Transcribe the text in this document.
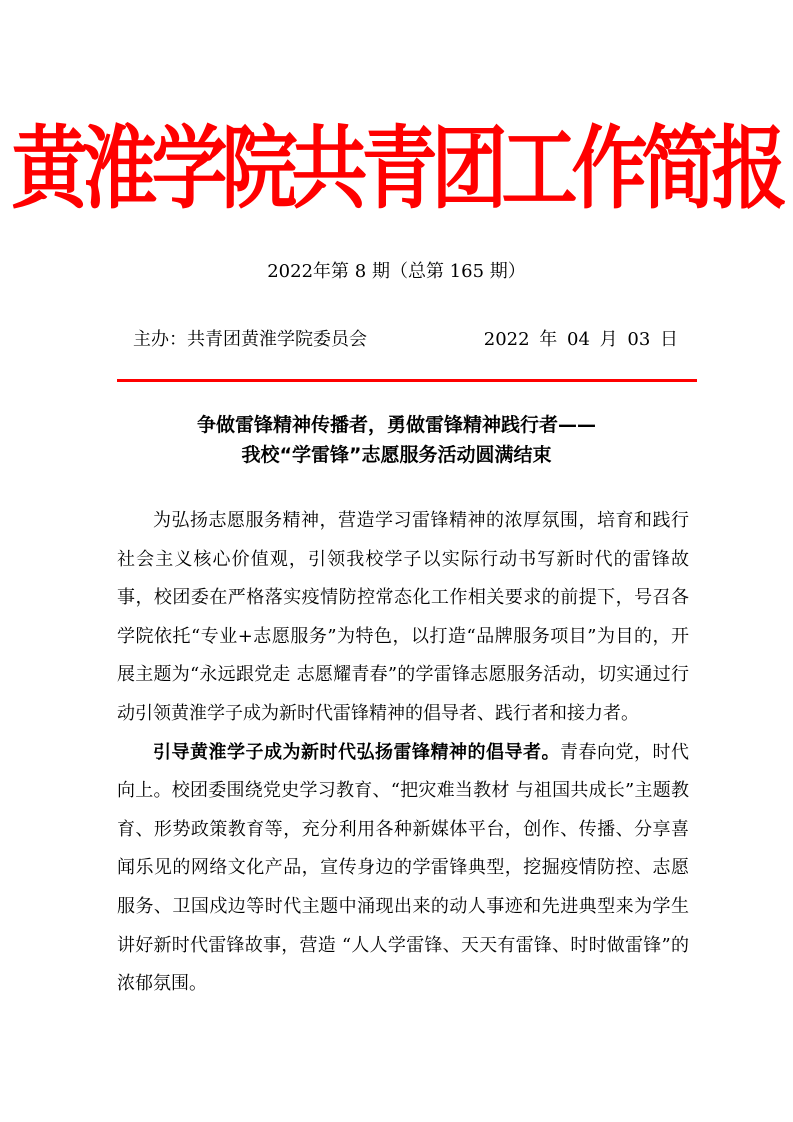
黄淮学院共青团工作简报
2022年第 8 期（总第 165 期）
主办：共青团黄淮学院委员会	2022 年 04 月 03 日
争做雷锋精神传播者，勇做雷锋精神践行者——
我校“学雷锋”志愿服务活动圆满结束

为弘扬志愿服务精神，营造学习雷锋精神的浓厚氛围，培育和践行社会主义核心价值观，引领我校学子以实际行动书写新时代的雷锋故事，校团委在严格落实疫情防控常态化工作相关要求的前提下，号召各学院依托“专业+志愿服务”为特色，以打造“品牌服务项目”为目的，开展主题为“永远跟党走 志愿耀青春”的学雷锋志愿服务活动，切实通过行动引领黄淮学子成为新时代雷锋精神的倡导者、践行者和接力者。

引导黄淮学子成为新时代弘扬雷锋精神的倡导者。青春向党，时代向上。校团委围绕党史学习教育、“把灾难当教材 与祖国共成长”主题教育、形势政策教育等，充分利用各种新媒体平台，创作、传播、分享喜闻乐见的网络文化产品，宣传身边的学雷锋典型，挖掘疫情防控、志愿服务、卫国戍边等时代主题中涌现出来的动人事迹和先进典型来为学生讲好新时代雷锋故事，营造 “人人学雷锋、天天有雷锋、时时做雷锋”的浓郁氛围。
